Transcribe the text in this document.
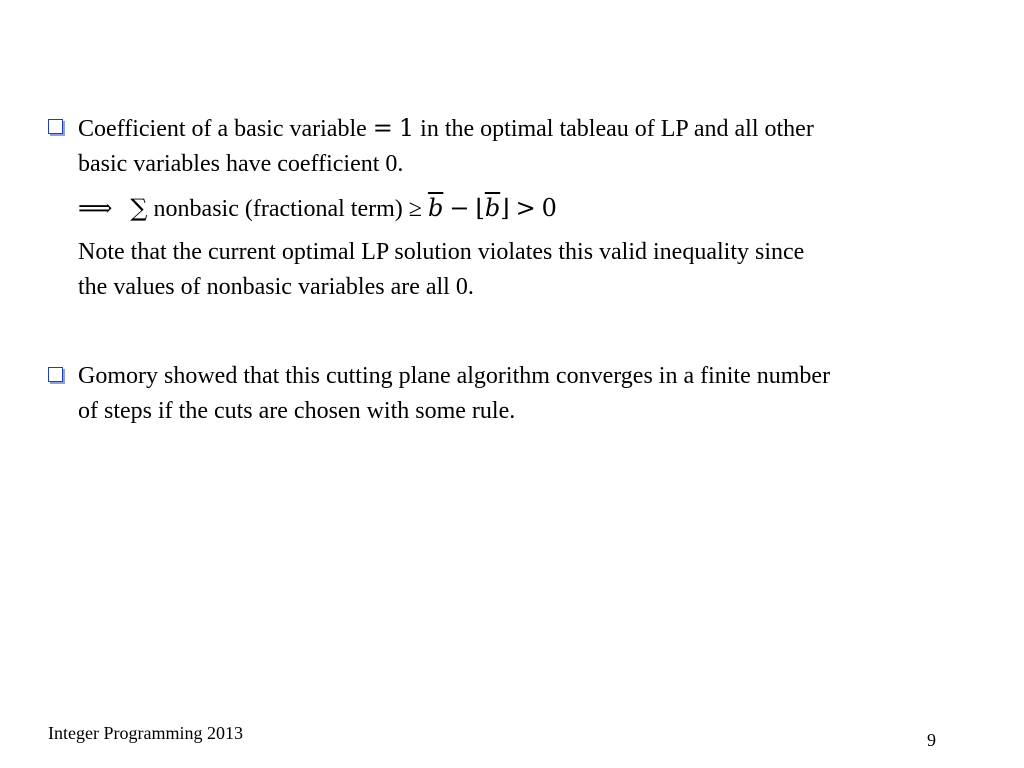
Coefficient of a basic variable = 1 in the optimal tableau of LP and all other
basic variables have coefficient 0.
⟹
∑
nonbasic (fractional term) ≥
$\overline{b}$
−
⌊ $\overline{b}$ ⌋
>
0
Note that the current optimal LP solution violates this valid inequality since
the values of nonbasic variables are all 0.
Gomory showed that this cutting plane algorithm converges in a finite number
of steps if the cuts are chosen with some rule.
Integer Programming 2013	9
